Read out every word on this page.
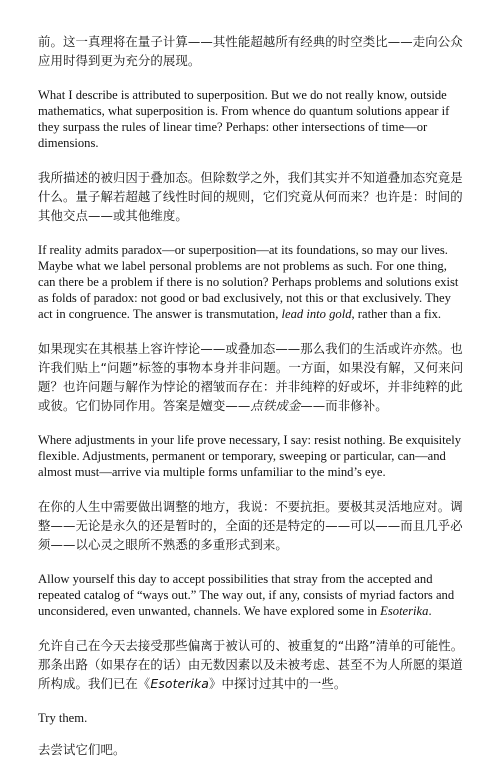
前。这一真理将在量子计算——其性能超越所有经典的时空类比——走向公众应用时得到更为充分的展现。

What I describe is attributed to superposition. But we do not really know, outside mathematics, what superposition is. From whence do quantum solutions appear if they surpass the rules of linear time? Perhaps: other intersections of time—or dimensions.

我所描述的被归因于叠加态。但除数学之外，我们其实并不知道叠加态究竟是什么。量子解若超越了线性时间的规则，它们究竟从何而来？也许是：时间的其他交点——或其他维度。

If reality admits paradox—or superposition—at its foundations, so may our lives. Maybe what we label personal problems are not problems as such. For one thing, can there be a problem if there is no solution? Perhaps problems and solutions exist as folds of paradox: not good or bad exclusively, not this or that exclusively. They act in congruence. The answer is transmutation, lead into gold, rather than a fix.

如果现实在其根基上容许悖论——或叠加态——那么我们的生活或许亦然。也许我们贴上“问题”标签的事物本身并非问题。一方面，如果没有解，又何来问题？也许问题与解作为悖论的褶皱而存在：并非纯粹的好或坏，并非纯粹的此或彼。它们协同作用。答案是嬗变——点铁成金——而非修补。

Where adjustments in your life prove necessary, I say: resist nothing. Be exquisitely flexible. Adjustments, permanent or temporary, sweeping or particular, can—and almost must—arrive via multiple forms unfamiliar to the mind’s eye.

在你的人生中需要做出调整的地方，我说：不要抗拒。要极其灵活地应对。调整——无论是永久的还是暂时的，全面的还是特定的——可以——而且几乎必须——以心灵之眼所不熟悉的多重形式到来。

Allow yourself this day to accept possibilities that stray from the accepted and repeated catalog of “ways out.” The way out, if any, consists of myriad factors and unconsidered, even unwanted, channels. We have explored some in Esoterika.

允许自己在今天去接受那些偏离于被认可的、被重复的“出路”清单的可能性。那条出路（如果存在的话）由无数因素以及未被考虑、甚至不为人所愿的渠道所构成。我们已在《Esoterika》中探讨过其中的一些。

Try them.

去尝试它们吧。
